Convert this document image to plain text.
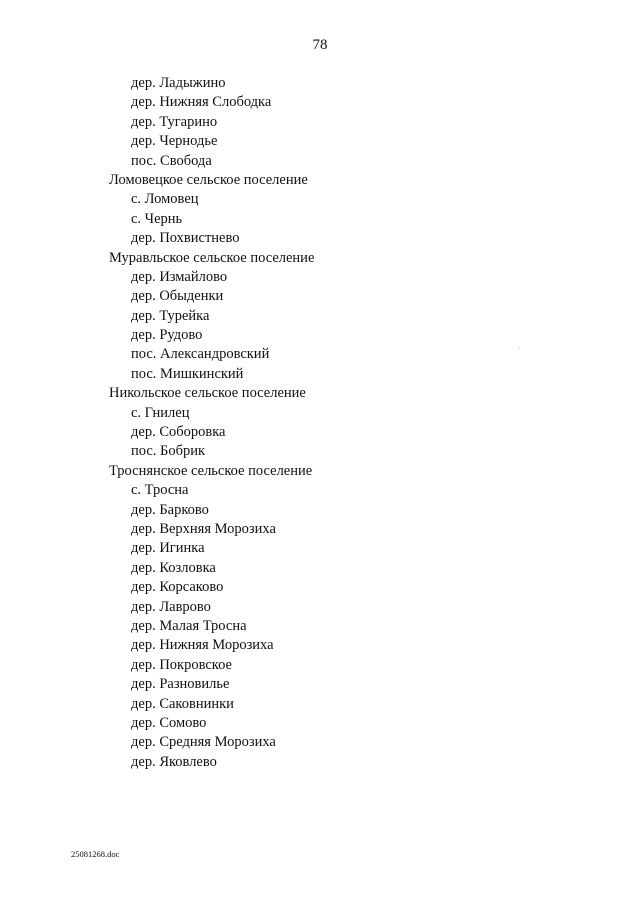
78
дер. Ладыжино
дер. Нижняя Слободка
дер. Тугарино
дер. Чернодье
пос. Свобода
Ломовецкое сельское поселение
с. Ломовец
с. Чернь
дер. Похвистнево
Муравльское сельское поселение
дер. Измайлово
дер. Обыденки
дер. Турейка
дер. Рудово
пос. Александровский
пос. Мишкинский
Никольское сельское поселение
с. Гнилец
дер. Соборовка
пос. Бобрик
Троснянское сельское поселение
с. Тросна
дер. Барково
дер. Верхняя Морозиха
дер. Игинка
дер. Козловка
дер. Корсаково
дер. Лаврово
дер. Малая Тросна
дер. Нижняя Морозиха
дер. Покровское
дер. Разновилье
дер. Саковнинки
дер. Сомово
дер. Средняя Морозиха
дер. Яковлево
25081268.doc
